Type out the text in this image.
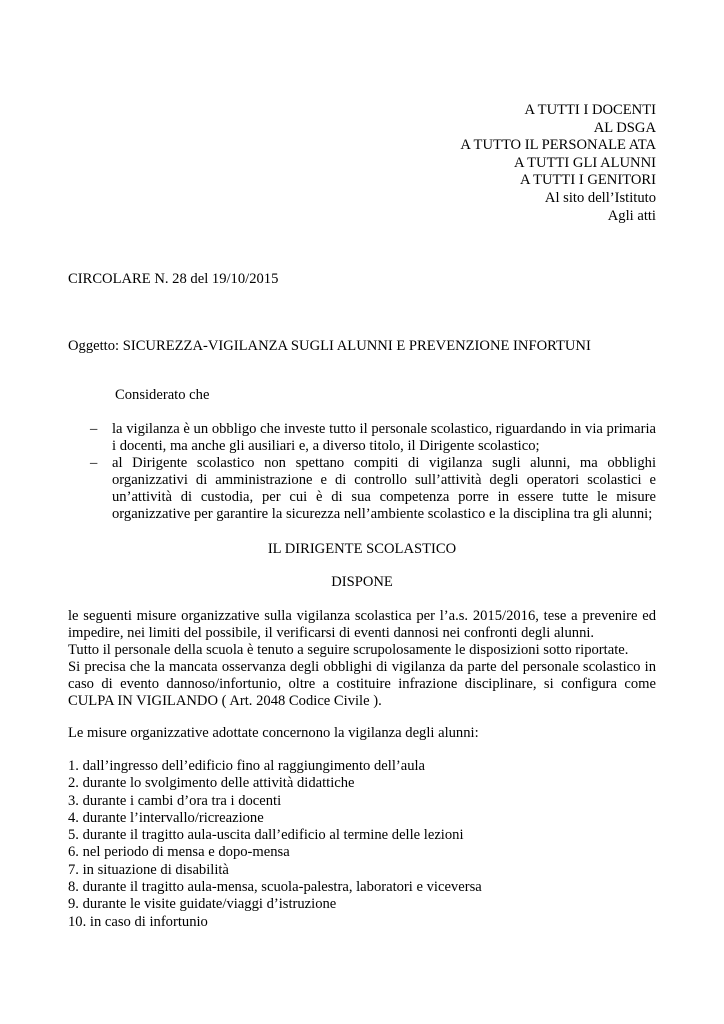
A TUTTI I DOCENTI
AL DSGA
A TUTTO IL PERSONALE ATA
A TUTTI GLI ALUNNI
A TUTTI I GENITORI
Al sito dell’Istituto
Agli atti
CIRCOLARE N. 28 del 19/10/2015
Oggetto: SICUREZZA-VIGILANZA SUGLI ALUNNI E PREVENZIONE INFORTUNI
Considerato che
–	la vigilanza è un obbligo che investe tutto il personale scolastico, riguardando in via primaria i docenti, ma anche gli ausiliari e, a diverso titolo, il Dirigente scolastico;
–	al Dirigente scolastico non spettano compiti di vigilanza sugli alunni, ma obblighi organizzativi di amministrazione e di controllo sull’attività degli operatori scolastici e un’attività di custodia, per cui è di sua competenza porre in essere tutte le misure organizzative per garantire la sicurezza nell’ambiente scolastico e la disciplina tra gli alunni;
IL DIRIGENTE SCOLASTICO
DISPONE

le seguenti misure organizzative sulla vigilanza scolastica per l’a.s. 2015/2016, tese a prevenire ed impedire, nei limiti del possibile, il verificarsi di eventi dannosi nei confronti degli alunni.

Tutto il personale della scuola è tenuto a seguire scrupolosamente le disposizioni sotto riportate.

Si precisa che la mancata osservanza degli obblighi di vigilanza da parte del personale scolastico in caso di evento dannoso/infortunio, oltre a costituire infrazione disciplinare, si configura come CULPA IN VIGILANDO ( Art. 2048 Codice Civile ).

Le misure organizzative adottate concernono la vigilanza degli alunni:
1. dall’ingresso dell’edificio fino al raggiungimento dell’aula
2. durante lo svolgimento delle attività didattiche
3. durante i cambi d’ora tra i docenti
4. durante l’intervallo/ricreazione
5. durante il tragitto aula-uscita dall’edificio al termine delle lezioni
6. nel periodo di mensa e dopo-mensa
7. in situazione di disabilità
8. durante il tragitto aula-mensa, scuola-palestra, laboratori e viceversa
9. durante le visite guidate/viaggi d’istruzione
10. in caso di infortunio
